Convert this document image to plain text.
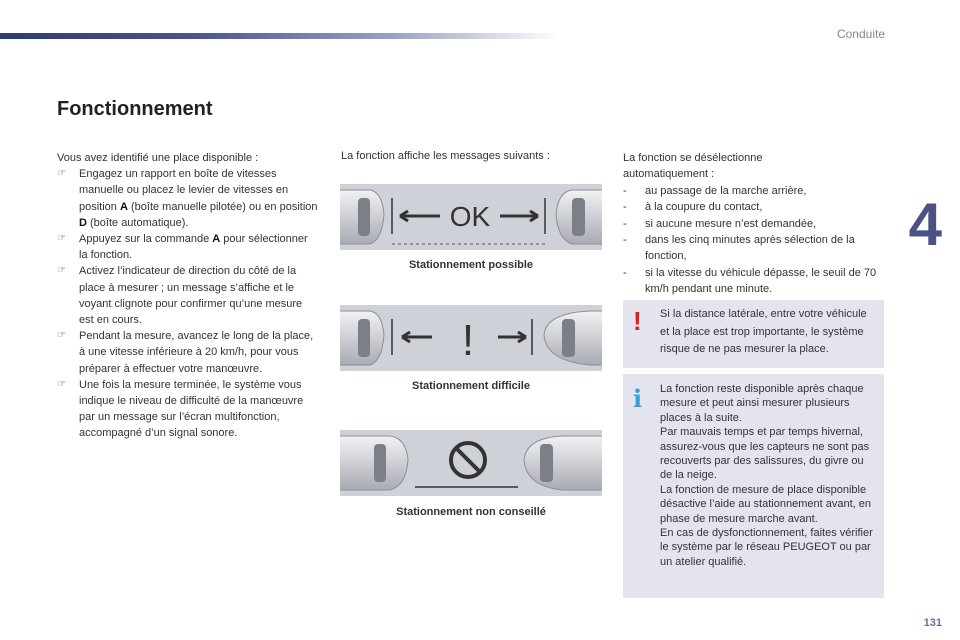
Conduite
4
Fonctionnement

Vous avez identifié une place disponible :

☞ Engagez un rapport en boîte de vitesses manuelle ou placez le levier de vitesses en position A (boîte manuelle pilotée) ou en position D (boîte automatique).
☞ Appuyez sur la commande A pour sélectionner la fonction.
☞ Activez l’indicateur de direction du côté de la place à mesurer ; un message s’affiche et le voyant clignote pour confirmer qu’une mesure est en cours.
☞ Pendant la mesure, avancez le long de la place, à une vitesse inférieure à 20 km/h, pour vous préparer à effectuer votre manœuvre.
☞ Une fois la mesure terminée, le système vous indique le niveau de difficulté de la manœuvre par un message sur l’écran multifonction, accompagné d’un signal sonore.

La fonction affiche les messages suivants :

OK
Stationnement possible
!
Stationnement difficile
Stationnement non conseillé

La fonction se désélectionne
automatiquement :

- au passage de la marche arrière,
- à la coupure du contact,
- si aucune mesure n’est demandée,
- dans les cinq minutes après sélection de la fonction,
- si la vitesse du véhicule dépasse, le seuil de 70 km/h pendant une minute.
! Si la distance latérale, entre votre véhicule et la place est trop importante, le système risque de ne pas mesurer la place.
i La fonction reste disponible après chaque mesure et peut ainsi mesurer plusieurs places à la suite.
Par mauvais temps et par temps hivernal, assurez-vous que les capteurs ne sont pas recouverts par des salissures, du givre ou de la neige.
La fonction de mesure de place disponible désactive l’aide au stationnement avant, en phase de mesure marche avant.
En cas de dysfonctionnement, faites vérifier le système par le réseau PEUGEOT ou par un atelier qualifié.
131
